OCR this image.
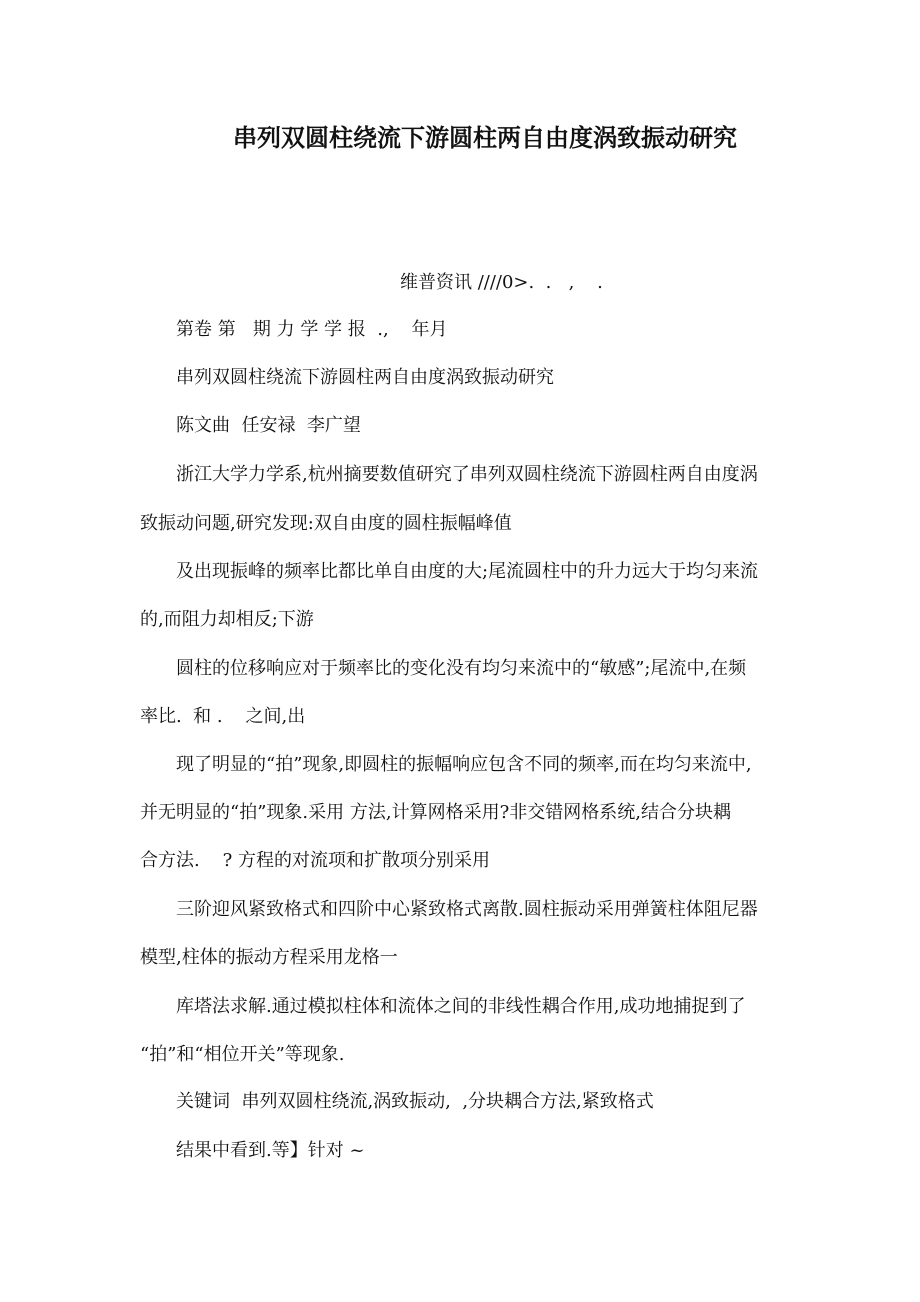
串列双圆柱绕流下游圆柱两自由度涡致振动研究
维普资讯 ////0>.  .   ,    .
第卷 第   期 力 学 学 报  .,    年月
串列双圆柱绕流下游圆柱两自由度涡致振动研究
陈文曲  任安禄  李广望
浙江大学力学系,杭州摘要数值研究了串列双圆柱绕流下游圆柱两自由度涡
致振动问题,研究发现:双自由度的圆柱振幅峰值
及出现振峰的频率比都比单自由度的大;尾流圆柱中的升力远大于均匀来流
的,而阻力却相反;下游
圆柱的位移响应对于频率比的变化没有均匀来流中的“敏感”;尾流中,在频
率比.  和 .    之间,出
现了明显的“拍”现象,即圆柱的振幅响应包含不同的频率,而在均匀来流中,
并无明显的“拍”现象.采用 方法,计算网格采用?非交错网格系统,结合分块耦
合方法.    ? 方程的对流项和扩散项分别采用
三阶迎风紧致格式和四阶中心紧致格式离散.圆柱振动采用弹簧柱体阻尼器
模型,柱体的振动方程采用龙格一
库塔法求解.通过模拟柱体和流体之间的非线性耦合作用,成功地捕捉到了
“拍”和“相位开关”等现象.
关键词  串列双圆柱绕流,涡致振动,  ,分块耦合方法,紧致格式
结果中看到.等】针对 ~
